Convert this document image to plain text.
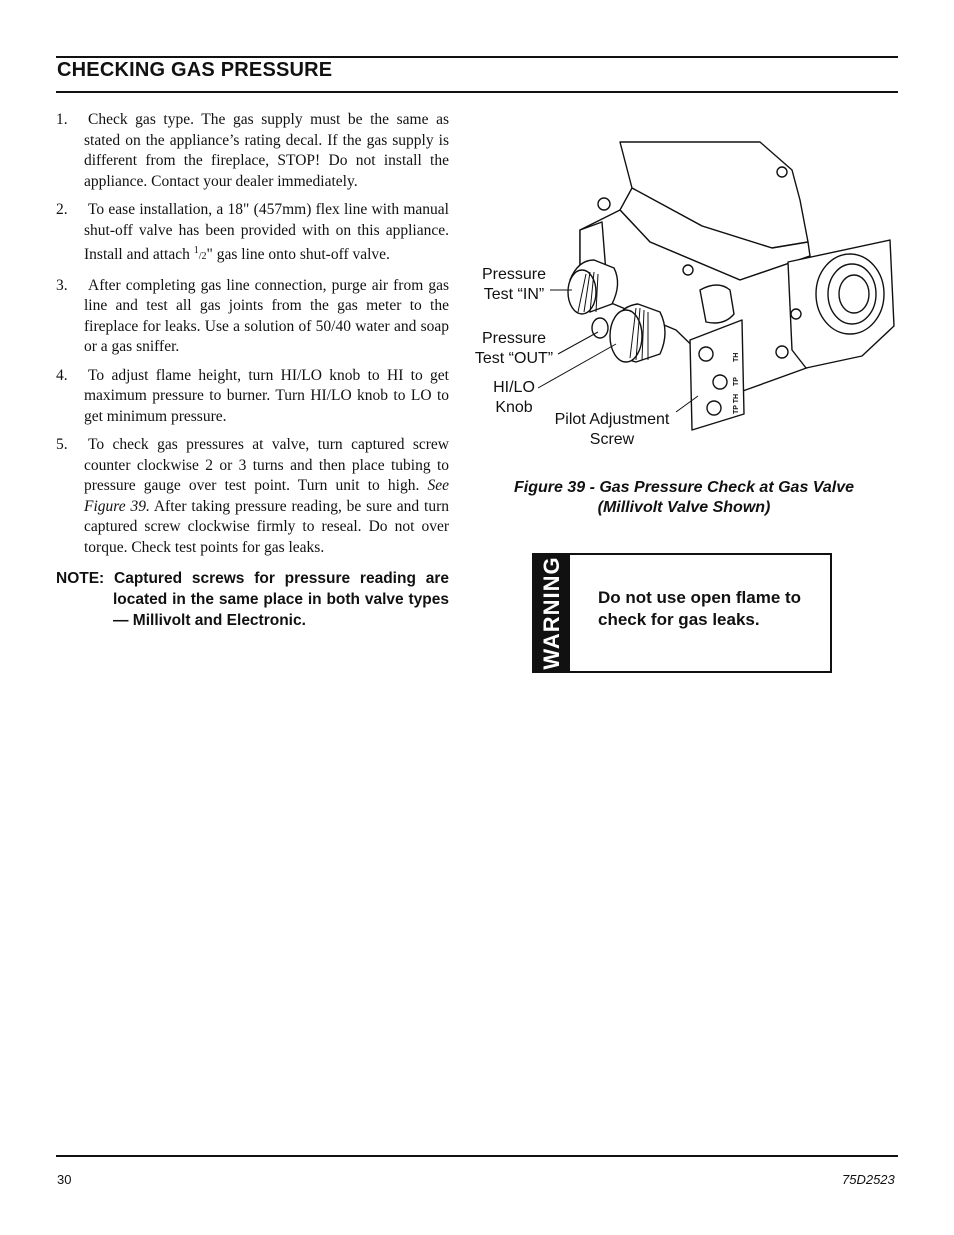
CHECKING GAS PRESSURE
1. Check gas type. The gas supply must be the same as stated on the appliance’s rating decal. If the gas supply is different from the fireplace, STOP! Do not install the appliance. Contact your dealer immediately.
2. To ease installation, a 18" (457mm) flex line with manual shut-off valve has been provided with on this appliance. Install and attach $^1$/2" gas line onto shut-off valve.
3. After completing gas line connection, purge air from gas line and test all gas joints from the gas meter to the fireplace for leaks. Use a solution of 50/40 water and soap or a gas sniffer.
4. To adjust flame height, turn HI/LO knob to HI to get maximum pressure to burner. Turn HI/LO knob to LO to get minimum pressure.
5. To check gas pressures at valve, turn captured screw counter clockwise 2 or 3 turns and then place tubing to pressure gauge over test point. Turn unit to high. See Figure 39. After taking pressure reading, be sure and turn captured screw clockwise firmly to reseal. Do not over torque. Check test points for gas leaks.
NOTE: Captured screws for pressure reading are located in the same place in both valve types — Millivolt and Electronic.
TH
TP
TP TH
Pressure
Test “IN”
Pressure
Test “OUT”
HI/LO
Knob
Pilot Adjustment
Screw
Figure 39 - Gas Pressure Check at Gas Valve
(Millivolt Valve Shown)
WARNING Do not use open flame to check for gas leaks.
30	75D2523
